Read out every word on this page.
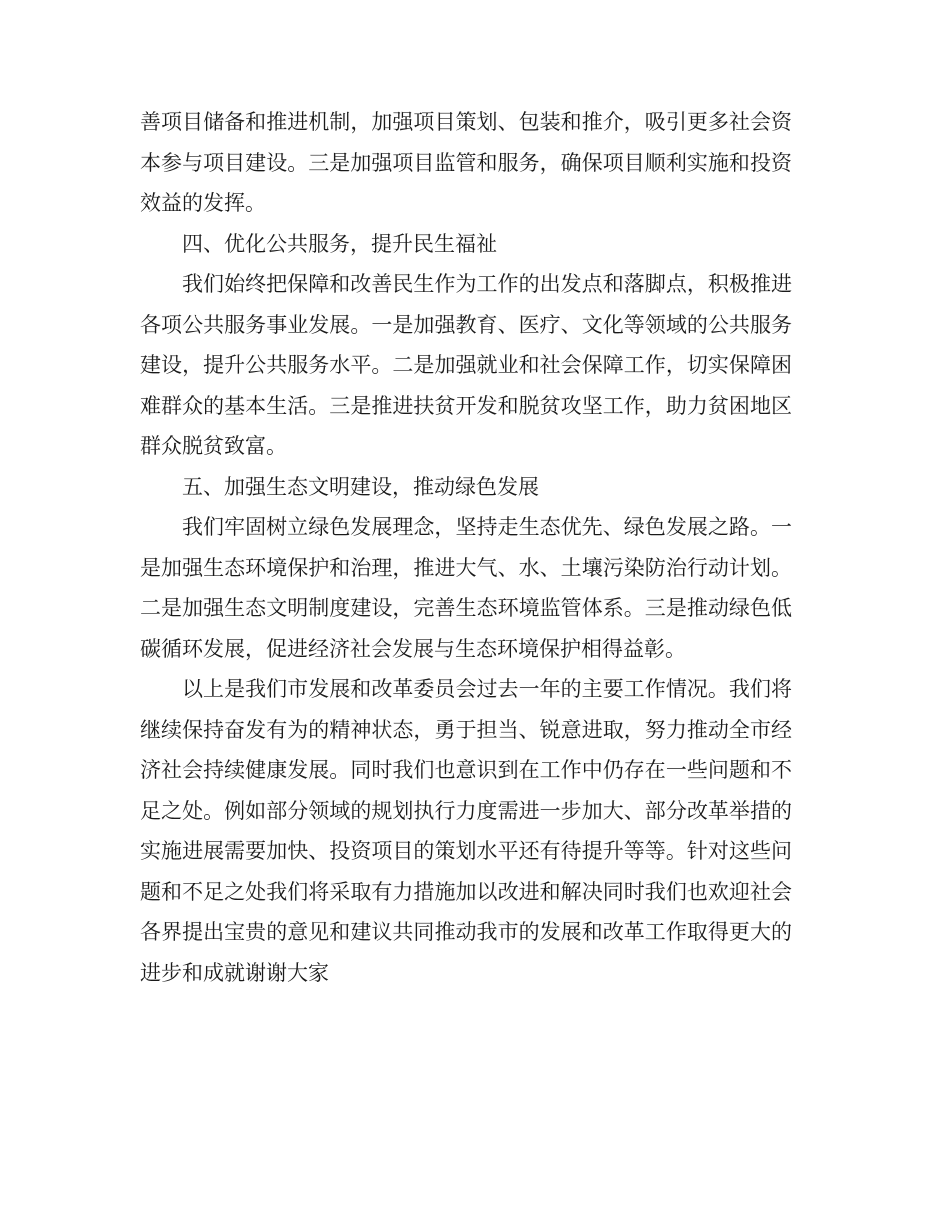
善项目储备和推进机制，加强项目策划、包装和推介，吸引更多社会资本参与项目建设。三是加强项目监管和服务，确保项目顺利实施和投资效益的发挥。

四、优化公共服务，提升民生福祉

我们始终把保障和改善民生作为工作的出发点和落脚点，积极推进各项公共服务事业发展。一是加强教育、医疗、文化等领域的公共服务建设，提升公共服务水平。二是加强就业和社会保障工作，切实保障困难群众的基本生活。三是推进扶贫开发和脱贫攻坚工作，助力贫困地区群众脱贫致富。

五、加强生态文明建设，推动绿色发展

我们牢固树立绿色发展理念，坚持走生态优先、绿色发展之路。一是加强生态环境保护和治理，推进大气、水、土壤污染防治行动计划。二是加强生态文明制度建设，完善生态环境监管体系。三是推动绿色低碳循环发展，促进经济社会发展与生态环境保护相得益彰。

以上是我们市发展和改革委员会过去一年的主要工作情况。我们将继续保持奋发有为的精神状态，勇于担当、锐意进取，努力推动全市经济社会持续健康发展。同时我们也意识到在工作中仍存在一些问题和不足之处。例如部分领域的规划执行力度需进一步加大、部分改革举措的实施进展需要加快、投资项目的策划水平还有待提升等等。针对这些问题和不足之处我们将采取有力措施加以改进和解决同时我们也欢迎社会各界提出宝贵的意见和建议共同推动我市的发展和改革工作取得更大的进步和成就谢谢大家
